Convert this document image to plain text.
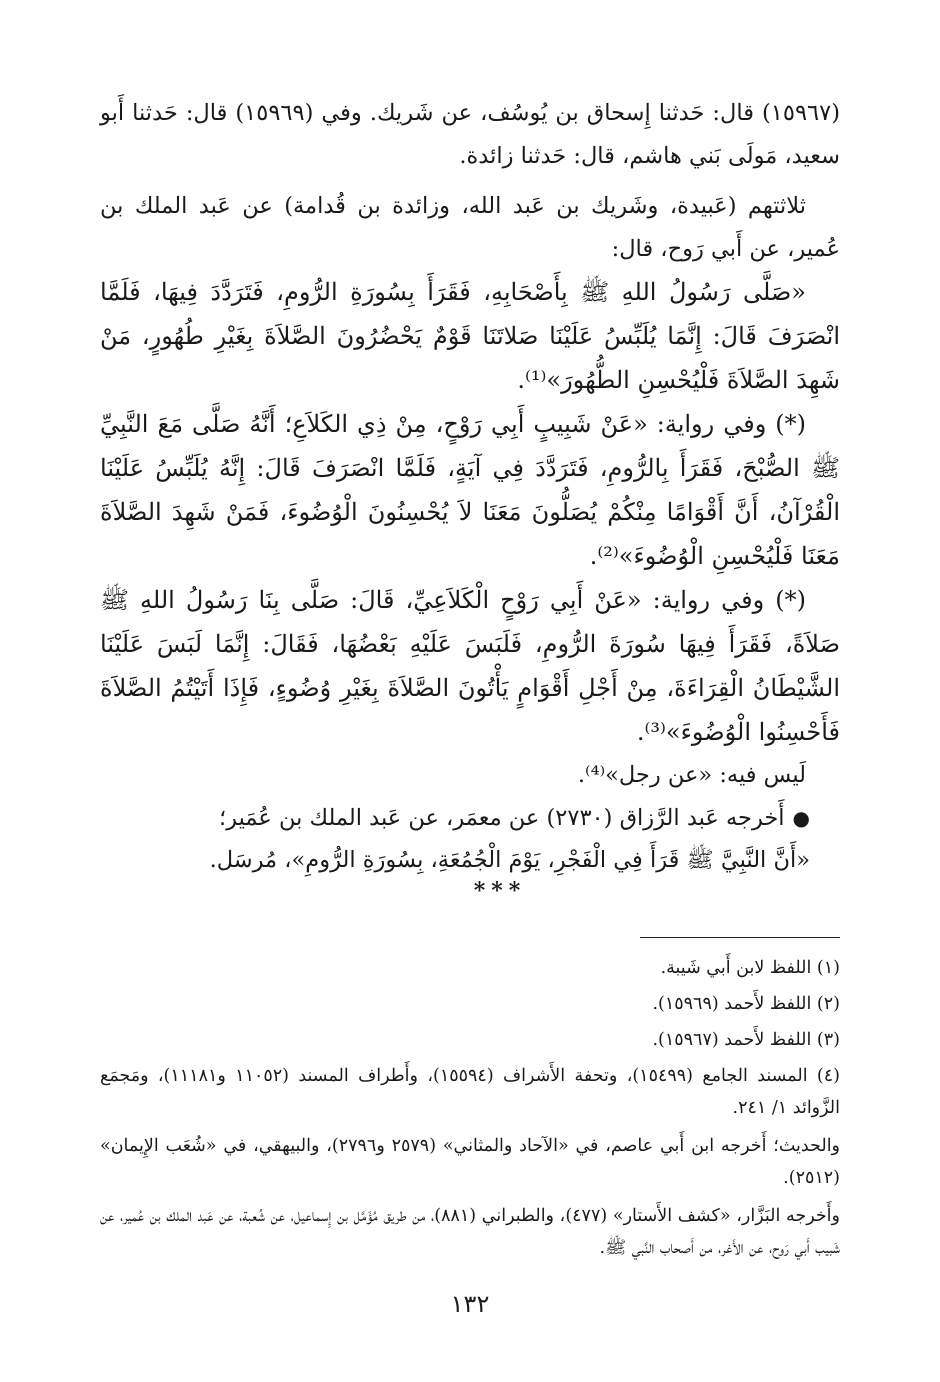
(١٥٩٦٧) قال: حَدثنا إِسحاق بن يُوسُف، عن شَريك. وفي (١٥٩٦٩) قال: حَدثنا أَبو سعيد، مَولَى بَني هاشم، قال: حَدثنا زائدة.

ثلاثتهم (عَبيدة، وشَريك بن عَبد الله، وزائدة بن قُدامة) عن عَبد الملك بن عُمير، عن أَبي رَوح، قال:

«صَلَّى رَسُولُ اللهِ ﷺ بِأَصْحَابِهِ، فَقَرَأَ بِسُورَةِ الرُّومِ، فَتَرَدَّدَ فِيهَا، فَلَمَّا انْصَرَفَ قَالَ: إِنَّمَا يُلَبِّسُ عَلَيْنَا صَلاتَنَا قَوْمٌ يَحْضُرُونَ الصَّلاَةَ بِغَيْرِ طُهُورٍ، مَنْ شَهِدَ الصَّلاَةَ فَلْيُحْسِنِ الطُّهُورَ»⁽¹⁾.

(*) وفي رواية: «عَنْ شَبِيبٍ أَبِي رَوْحٍ، مِنْ ذِي الكَلاَعِ؛ أَنَّهُ صَلَّى مَعَ النَّبِيِّ ﷺ الصُّبْحَ، فَقَرَأَ بِالرُّومِ، فَتَرَدَّدَ فِي آيَةٍ، فَلَمَّا انْصَرَفَ قَالَ: إِنَّهُ يُلَبِّسُ عَلَيْنَا الْقُرْآنُ، أَنَّ أَقْوَامًا مِنْكُمْ يُصَلُّونَ مَعَنَا لاَ يُحْسِنُونَ الْوُضُوءَ، فَمَنْ شَهِدَ الصَّلاَةَ مَعَنَا فَلْيُحْسِنِ الْوُضُوءَ»⁽²⁾.

(*) وفي رواية: «عَنْ أَبِي رَوْحٍ الْكَلاَعِيِّ، قَالَ: صَلَّى بِنَا رَسُولُ اللهِ ﷺ صَلاَةً، فَقَرَأَ فِيهَا سُورَةَ الرُّومِ، فَلَبَسَ عَلَيْهِ بَعْضُهَا، فَقَالَ: إِنَّمَا لَبَسَ عَلَيْنَا الشَّيْطَانُ الْقِرَاءَةَ، مِنْ أَجْلِ أَقْوَامٍ يَأْتُونَ الصَّلاَةَ بِغَيْرِ وُضُوءٍ، فَإِذَا أَتَيْتُمُ الصَّلاَةَ فَأَحْسِنُوا الْوُضُوءَ»⁽³⁾.

لَيس فيه: «عن رجل»⁽⁴⁾.

●أَخرجه عَبد الرَّزاق (٢٧٣٠) عن معمَر، عن عَبد الملك بن عُمَير؛

«أَنَّ النَّبِيَّ ﷺ قَرَأَ فِي الْفَجْرِ، يَوْمَ الْجُمُعَةِ، بِسُورَةِ الرُّومِ»، مُرسَل.

***

(١) اللفظ لابن أَبي شَيبة.

(٢) اللفظ لأَحمد (١٥٩٦٩).

(٣) اللفظ لأَحمد (١٥٩٦٧).

(٤) المسند الجامع (١٥٤٩٩)، وتحفة الأَشراف (١٥٥٩٤)، وأَطراف المسند (١١٠٥٢ و١١١٨١)، ومَجمَع الزَّوائد ١/ ٢٤١.

والحديث؛ أَخرجه ابن أَبي عاصم، في «الآحاد والمثاني» (٢٥٧٩ و٢٧٩٦)، والبيهقي، في «شُعَب الإِيمان» (٢٥١٢).

وأَخرجه البَزَّار، «كشف الأَستار» (٤٧٧)، والطبراني (٨٨١)، من طريق مُؤَمَّل بن إِسماعيل، عن شُعبة، عن عَبد الملك بن عُمير، عن شَبيب أَبي رَوح، عن الأَغر، من أَصحاب النَّبي ﷺ.

١٣٢
